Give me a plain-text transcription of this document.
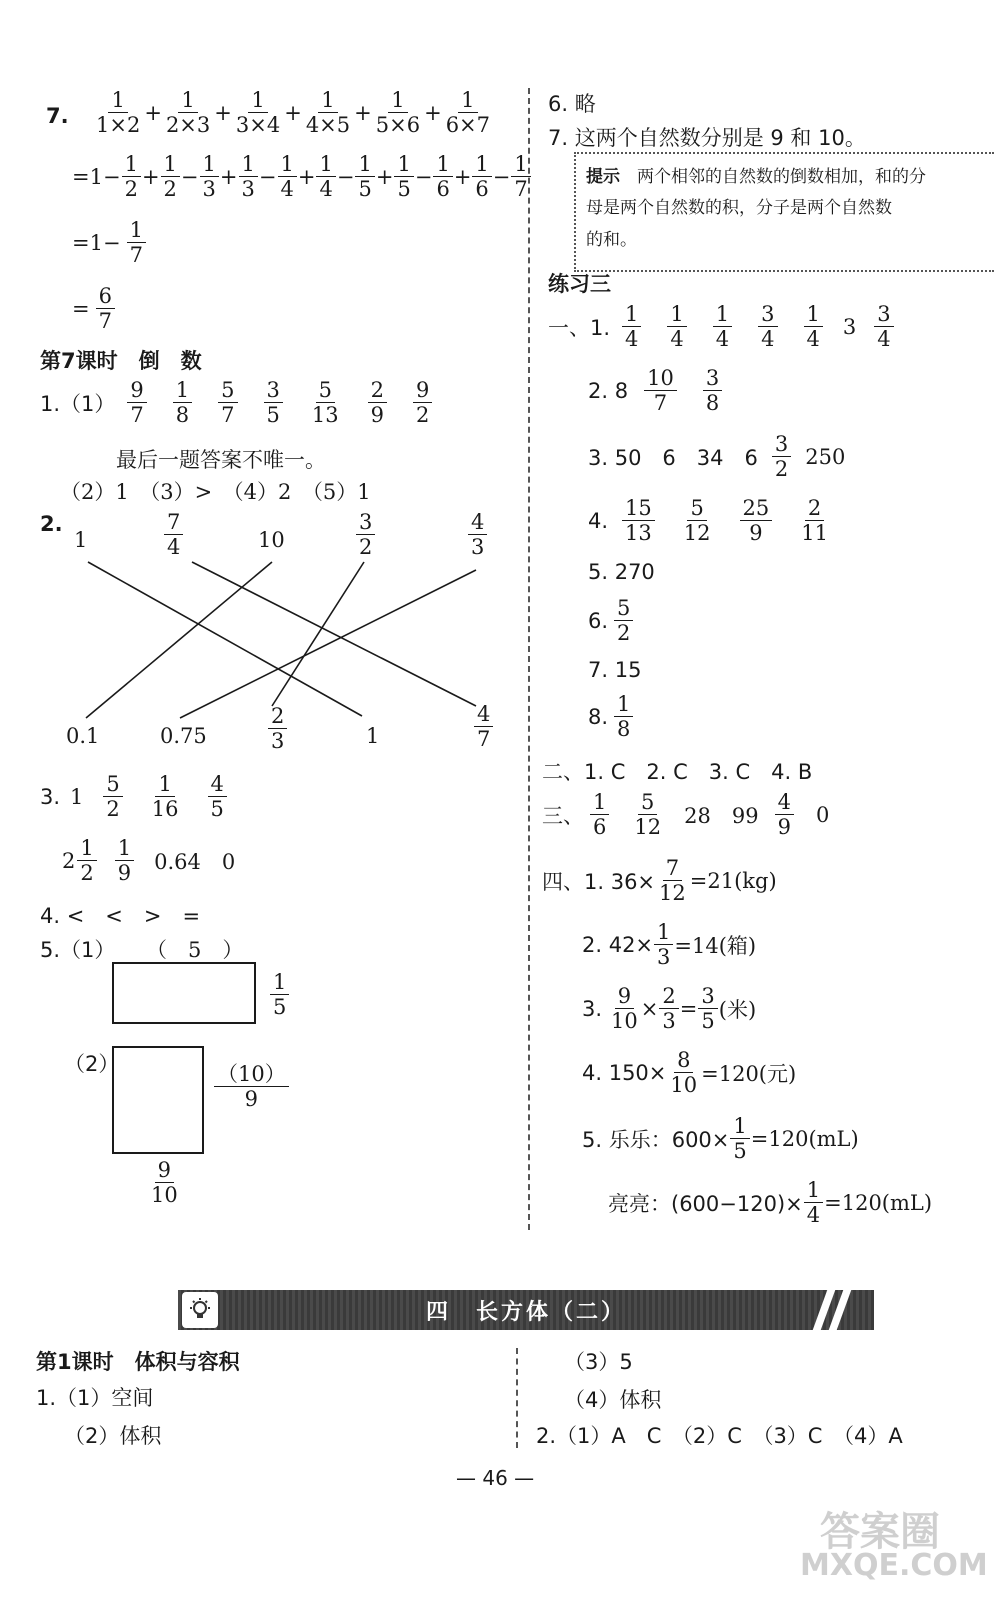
7.
1
1×2
+ $\frac{1}{2\times 3} + \frac{1}{3\times 4} + \frac{1}{4\times 5} + \frac{1}{5\times 6} + \frac{1}{6\times 7}$
$=1- \frac{1}{2} + \frac{1}{2} - \frac{1}{3} + \frac{1}{3} - \frac{1}{4} + \frac{1}{4} - \frac{1}{5} + \frac{1}{5} - \frac{1}{6} + \frac{1}{6} - \frac{1}{7}$
$=1- \frac{1}{7}$
= $\frac{6}{7}$
第7课时　倒　数
1.（1）
9
7
1
8
5
7
3
5
5
13
2
9
9
2
最后一题答案不唯一。
（2）1　（3）>　（4）2　（5）1
2.
1
7
4	10
3
2
4
3
0.1	0.75
2
3	1
4
7
3. 1
5
2
1
16
4
5
2
1
2
1
9 0.64　0
4. <　<　>　=
5.（1） （　5　）
1
5
（2）	（10）
9
9
10
6. 略
7. 这两个自然数分别是 9 和 10。
提示　 两个相邻的自然数的倒数相加，和的分
母是两个自然数的积，分子是两个自然数
的和。
练习三
一、1.
1
4
1
4
1
4
3
4
1
4
3
3
4
2. 8
10
7
3
8
3. 50　6　34　6
3
2
250
4.
15
13
5
12
25
9
2
11
5. 270
6.
5
2
7. 15
8.
1
8
二、1. C　2. C　3. C　4. B
三、
1
6
5
12 28　99
4
9
0
四、1. $36\times \frac{7}{12} =21(kg)$
2. $42\times \frac{1}{3} =14$(箱)
3. $\frac{9}{10} \times \frac{2}{3} = \frac{3}{5}$ (米)
4. $150\times \frac{8}{10} =120$(元)
5. 乐乐：$600\times \frac{1}{5} =120(mL)$
亮亮：$(600-120)\times \frac{1}{4} =120(mL)$
四　长方体（二）
第1课时　体积与容积
1.（1）空间
（2）体积
（3）5
（4）体积
2.（1）A　C　（2）C　（3）C　（4）A
— 46 —
答案圈
MXQE.COM
